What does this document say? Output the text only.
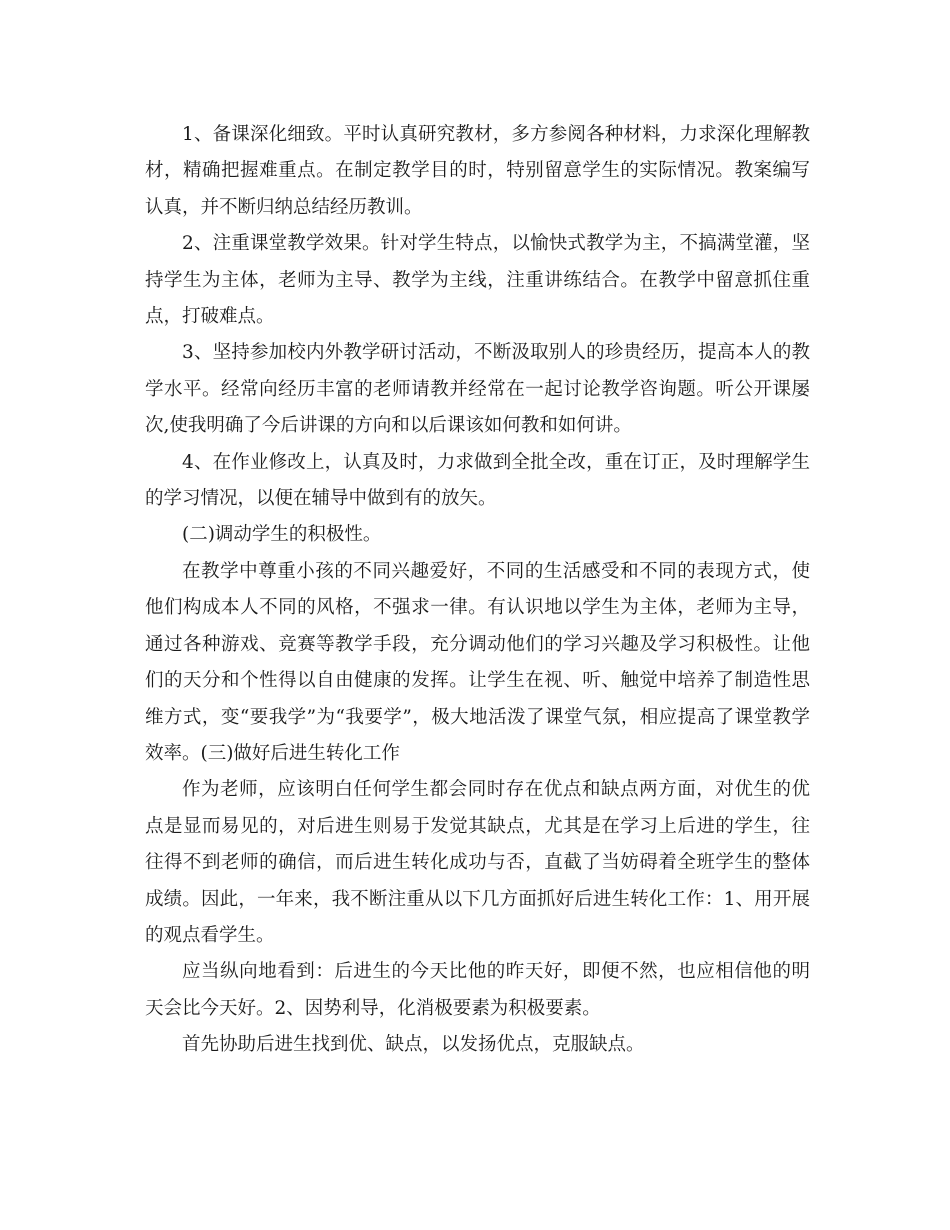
1、备课深化细致。平时认真研究教材，多方参阅各种材料，力求深化理解教材，精确把握难重点。在制定教学目的时，特别留意学生的实际情况。教案编写认真，并不断归纳总结经历教训。

2、注重课堂教学效果。针对学生特点，以愉快式教学为主，不搞满堂灌，坚持学生为主体，老师为主导、教学为主线，注重讲练结合。在教学中留意抓住重点，打破难点。

3、坚持参加校内外教学研讨活动，不断汲取别人的珍贵经历，提高本人的教学水平。经常向经历丰富的老师请教并经常在一起讨论教学咨询题。听公开课屡次,使我明确了今后讲课的方向和以后课该如何教和如何讲。

4、在作业修改上，认真及时，力求做到全批全改，重在订正，及时理解学生的学习情况，以便在辅导中做到有的放矢。

(二)调动学生的积极性。

在教学中尊重小孩的不同兴趣爱好，不同的生活感受和不同的表现方式，使他们构成本人不同的风格，不强求一律。有认识地以学生为主体，老师为主导，通过各种游戏、竞赛等教学手段，充分调动他们的学习兴趣及学习积极性。让他们的天分和个性得以自由健康的发挥。让学生在视、听、触觉中培养了制造性思维方式，变“要我学”为“我要学”，极大地活泼了课堂气氛，相应提高了课堂教学效率。(三)做好后进生转化工作

作为老师，应该明白任何学生都会同时存在优点和缺点两方面，对优生的优点是显而易见的，对后进生则易于发觉其缺点，尤其是在学习上后进的学生，往往得不到老师的确信，而后进生转化成功与否，直截了当妨碍着全班学生的整体成绩。因此，一年来，我不断注重从以下几方面抓好后进生转化工作：1、用开展的观点看学生。

应当纵向地看到：后进生的今天比他的昨天好，即便不然，也应相信他的明天会比今天好。2、因势利导，化消极要素为积极要素。

首先协助后进生找到优、缺点，以发扬优点，克服缺点。
